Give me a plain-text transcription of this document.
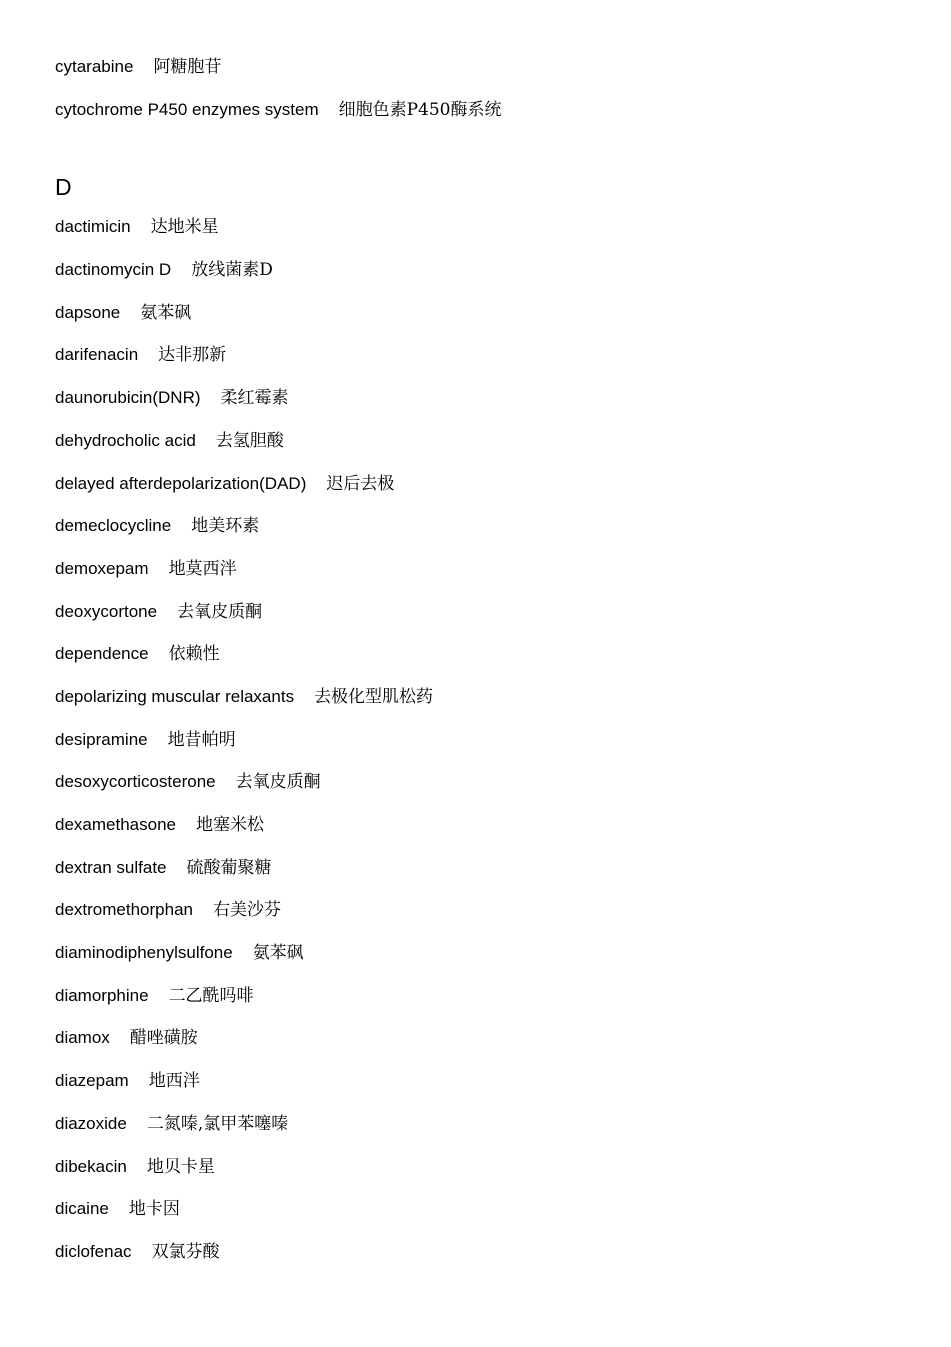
cytarabine 阿糖胞苷
cytochrome P450 enzymes system 细胞色素P450酶系统
D
dactimicin 达地米星
dactinomycin D 放线菌素D
dapsone 氨苯砜
darifenacin 达非那新
daunorubicin(DNR) 柔红霉素
dehydrocholic acid 去氢胆酸
delayed afterdepolarization(DAD) 迟后去极
demeclocycline 地美环素
demoxepam 地莫西泮
deoxycortone 去氧皮质酮
dependence 依赖性
depolarizing muscular relaxants 去极化型肌松药
desipramine 地昔帕明
desoxycorticosterone 去氧皮质酮
dexamethasone 地塞米松
dextran sulfate 硫酸葡聚糖
dextromethorphan 右美沙芬
diaminodiphenylsulfone 氨苯砜
diamorphine 二乙酰吗啡
diamox 醋唑磺胺
diazepam 地西泮
diazoxide 二氮嗪,氯甲苯噻嗪
dibekacin 地贝卡星
dicaine 地卡因
diclofenac 双氯芬酸
